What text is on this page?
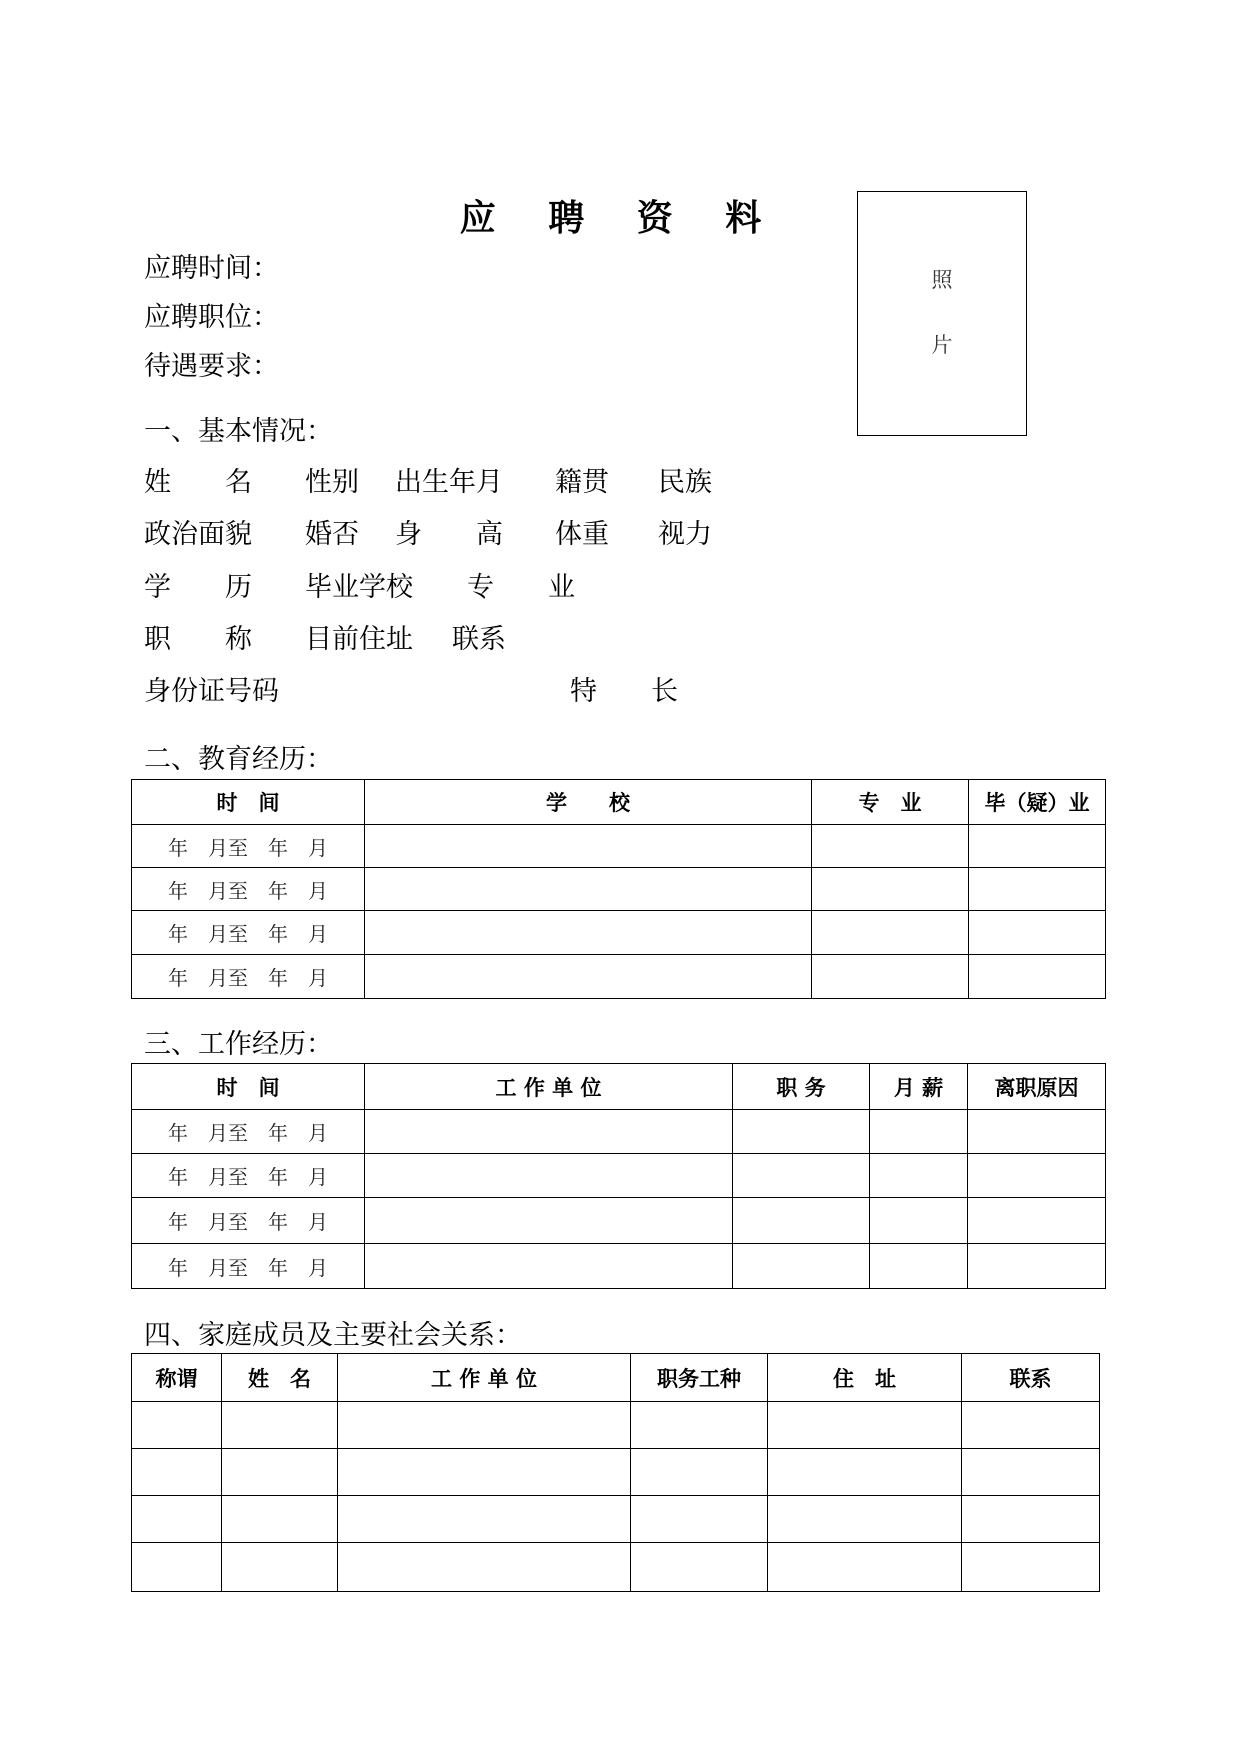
应 聘 资 料
照
片
应聘时间：
应聘职位：
待遇要求：
一、基本情况：
姓　　名 性别 出生年月 籍贯 民族
政治面貌 婚否 身　　高 体重 视力
学　　历 毕业学校 专　　业
职　　称 目前住址 联系
身份证号码	特　　长
二、教育经历：
时　间	学　　校	专　业	毕（疑）业
年　月至　年　月			
年　月至　年　月			
年　月至　年　月			
年　月至　年　月			
三、工作经历：
时　间	工 作 单 位	职 务	月 薪	离职原因
年　月至　年　月				
年　月至　年　月				
年　月至　年　月				
年　月至　年　月				
四、家庭成员及主要社会关系：
称谓	姓　名	工 作 单 位	职务工种	住　址	联系
